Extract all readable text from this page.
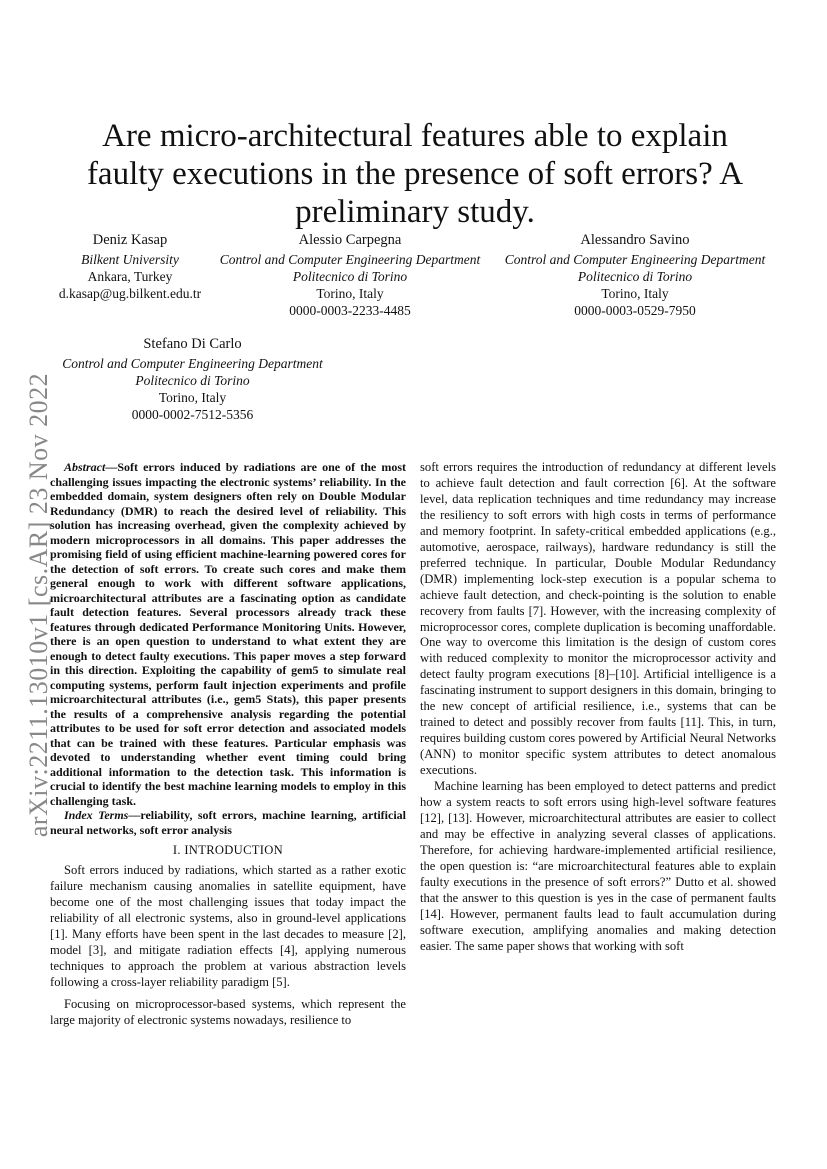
arXiv:2211.13010v1 [cs.AR] 23 Nov 2022
Are micro-architectural features able to explain faulty executions in the presence of soft errors? A preliminary study.
Deniz Kasap
Bilkent University
Ankara, Turkey
d.kasap@ug.bilkent.edu.tr
Alessio Carpegna
Control and Computer Engineering Department
Politecnico di Torino
Torino, Italy
0000-0003-2233-4485
Alessandro Savino
Control and Computer Engineering Department
Politecnico di Torino
Torino, Italy
0000-0003-0529-7950
Stefano Di Carlo
Control and Computer Engineering Department
Politecnico di Torino
Torino, Italy
0000-0002-7512-5356

Abstract—Soft errors induced by radiations are one of the most challenging issues impacting the electronic systems’ reliability. In the embedded domain, system designers often rely on Double Modular Redundancy (DMR) to reach the desired level of reliability. This solution has increasing overhead, given the complexity achieved by modern microprocessors in all domains. This paper addresses the promising field of using efficient machine-learning powered cores for the detection of soft errors. To create such cores and make them general enough to work with different software applications, microarchitectural attributes are a fascinating option as candidate fault detection features. Several processors already track these features through dedicated Performance Monitoring Units. However, there is an open question to understand to what extent they are enough to detect faulty executions. This paper moves a step forward in this direction. Exploiting the capability of gem5 to simulate real computing systems, perform fault injection experiments and profile microarchitectural attributes (i.e., gem5 Stats), this paper presents the results of a comprehensive analysis regarding the potential attributes to be used for soft error detection and associated models that can be trained with these features. Particular emphasis was devoted to understanding whether event timing could bring additional information to the detection task. This information is crucial to identify the best machine learning models to employ in this challenging task.

Index Terms—reliability, soft errors, machine learning, artificial neural networks, soft error analysis

I. INTRODUCTION

Soft errors induced by radiations, which started as a rather exotic failure mechanism causing anomalies in satellite equipment, have become one of the most challenging issues that today impact the reliability of all electronic systems, also in ground-level applications [1]. Many efforts have been spent in the last decades to measure [2], model [3], and mitigate radiation effects [4], applying numerous techniques to approach the problem at various abstraction levels following a cross-layer reliability paradigm [5].

Focusing on microprocessor-based systems, which represent the large majority of electronic systems nowadays, resilience to

soft errors requires the introduction of redundancy at different levels to achieve fault detection and fault correction [6]. At the software level, data replication techniques and time redundancy may increase the resiliency to soft errors with high costs in terms of performance and memory footprint. In safety-critical embedded applications (e.g., automotive, aerospace, railways), hardware redundancy is still the preferred technique. In particular, Double Modular Redundancy (DMR) implementing lock-step execution is a popular schema to achieve fault detection, and check-pointing is the solution to enable recovery from faults [7]. However, with the increasing complexity of microprocessor cores, complete duplication is becoming unaffordable. One way to overcome this limitation is the design of custom cores with reduced complexity to monitor the microprocessor activity and detect faulty program executions [8]–[10]. Artificial intelligence is a fascinating instrument to support designers in this domain, bringing to the new concept of artificial resilience, i.e., systems that can be trained to detect and possibly recover from faults [11]. This, in turn, requires building custom cores powered by Artificial Neural Networks (ANN) to monitor specific system attributes to detect anomalous executions.

Machine learning has been employed to detect patterns and predict how a system reacts to soft errors using high-level software features [12], [13]. However, microarchitectural attributes are easier to collect and may be effective in analyzing several classes of applications. Therefore, for achieving hardware-implemented artificial resilience, the open question is: “are microarchitectural features able to explain faulty executions in the presence of soft errors?” Dutto et al. showed that the answer to this question is yes in the case of permanent faults [14]. However, permanent faults lead to fault accumulation during software execution, amplifying anomalies and making detection easier. The same paper shows that working with soft
